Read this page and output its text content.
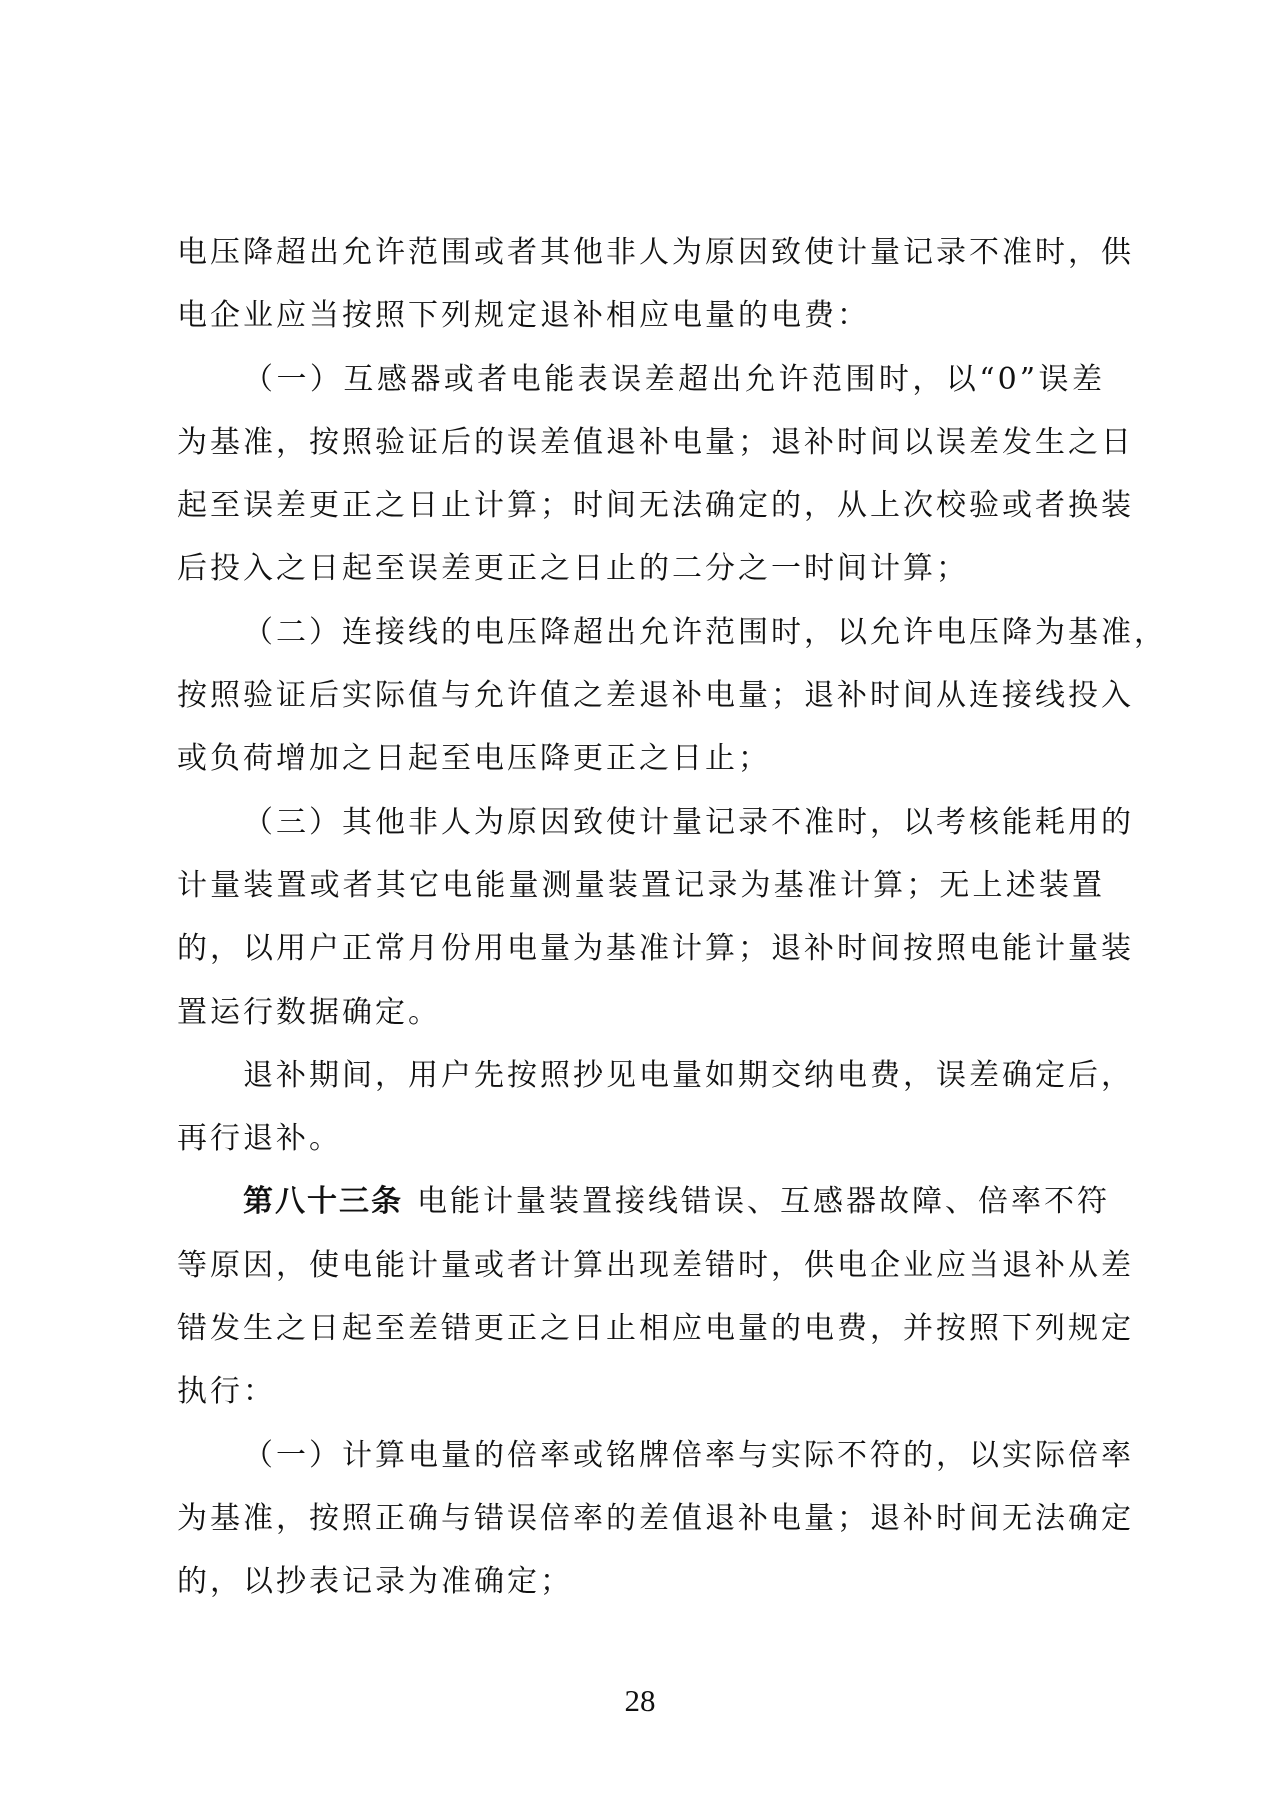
电压降超出允许范围或者其他非人为原因致使计量记录不准时，供
电企业应当按照下列规定退补相应电量的电费：
（一）互感器或者电能表误差超出允许范围时，以“0”误差
为基准，按照验证后的误差值退补电量；退补时间以误差发生之日
起至误差更正之日止计算；时间无法确定的，从上次校验或者换装
后投入之日起至误差更正之日止的二分之一时间计算；
（二）连接线的电压降超出允许范围时，以允许电压降为基准，
按照验证后实际值与允许值之差退补电量；退补时间从连接线投入
或负荷增加之日起至电压降更正之日止；
（三）其他非人为原因致使计量记录不准时，以考核能耗用的
计量装置或者其它电能量测量装置记录为基准计算；无上述装置
的，以用户正常月份用电量为基准计算；退补时间按照电能计量装
置运行数据确定。
退补期间，用户先按照抄见电量如期交纳电费，误差确定后，
再行退补。
第八十三条 电能计量装置接线错误、互感器故障、倍率不符
等原因，使电能计量或者计算出现差错时，供电企业应当退补从差
错发生之日起至差错更正之日止相应电量的电费，并按照下列规定
执行：
（一）计算电量的倍率或铭牌倍率与实际不符的，以实际倍率
为基准，按照正确与错误倍率的差值退补电量；退补时间无法确定
的，以抄表记录为准确定；
28
